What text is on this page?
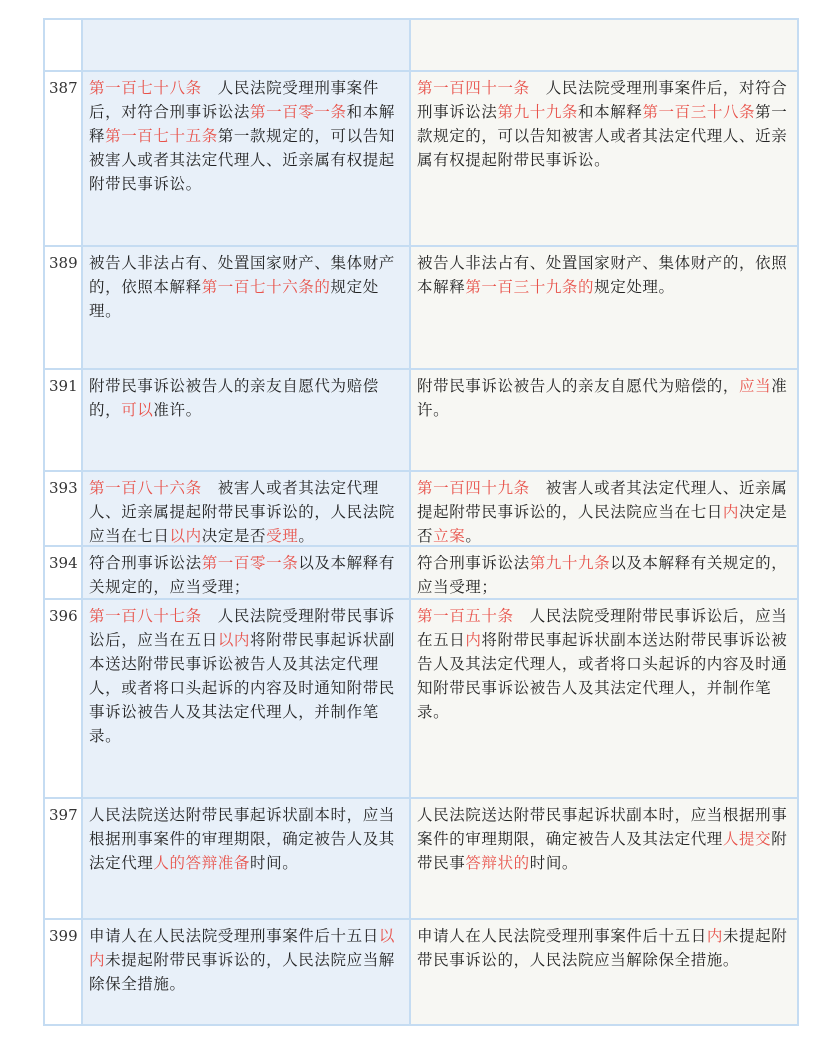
387 第一百七十八条　人民法院受理刑事案件后，对符合刑事诉讼法第一百零一条和本解释第一百七十五条第一款规定的，可以告知被害人或者其法定代理人、近亲属有权提起附带民事诉讼。
第一百四十一条　人民法院受理刑事案件后，对符合刑事诉讼法第九十九条和本解释第一百三十八条第一款规定的，可以告知被害人或者其法定代理人、近亲属有权提起附带民事诉讼。
389 被告人非法占有、处置国家财产、集体财产的，依照本解释第一百七十六条的规定处理。
被告人非法占有、处置国家财产、集体财产的，依照本解释第一百三十九条的规定处理。
391 附带民事诉讼被告人的亲友自愿代为赔偿的，可以准许。
附带民事诉讼被告人的亲友自愿代为赔偿的，应当准许。
393 第一百八十六条　被害人或者其法定代理人、近亲属提起附带民事诉讼的，人民法院应当在七日以内决定是否受理。
第一百四十九条　被害人或者其法定代理人、近亲属提起附带民事诉讼的，人民法院应当在七日内决定是否立案。
394 符合刑事诉讼法第一百零一条以及本解释有关规定的，应当受理；
符合刑事诉讼法第九十九条以及本解释有关规定的，应当受理；
396 第一百八十七条　人民法院受理附带民事诉讼后，应当在五日以内将附带民事起诉状副本送达附带民事诉讼被告人及其法定代理人，或者将口头起诉的内容及时通知附带民事诉讼被告人及其法定代理人，并制作笔录。
第一百五十条　人民法院受理附带民事诉讼后，应当在五日内将附带民事起诉状副本送达附带民事诉讼被告人及其法定代理人，或者将口头起诉的内容及时通知附带民事诉讼被告人及其法定代理人，并制作笔录。
397 人民法院送达附带民事起诉状副本时，应当根据刑事案件的审理期限，确定被告人及其法定代理人的答辩准备时间。
人民法院送达附带民事起诉状副本时，应当根据刑事案件的审理期限，确定被告人及其法定代理人提交附带民事答辩状的时间。
399 申请人在人民法院受理刑事案件后十五日以内未提起附带民事诉讼的，人民法院应当解除保全措施。
申请人在人民法院受理刑事案件后十五日内未提起附带民事诉讼的，人民法院应当解除保全措施。
